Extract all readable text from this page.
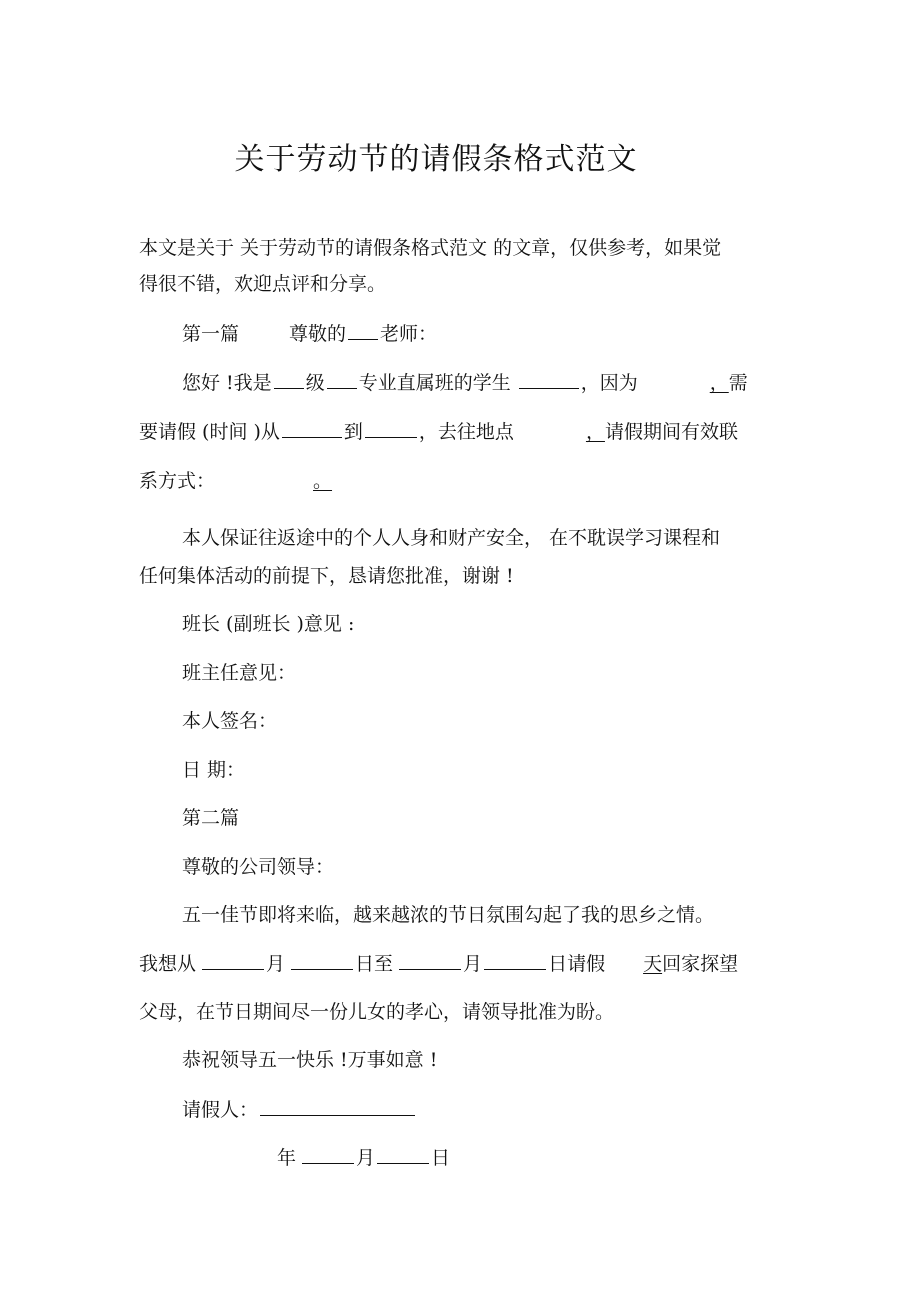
关于劳动节的请假条格式范文
本文是关于 关于劳动节的请假条格式范文 的文章，仅供参考，如果觉
得很不错，欢迎点评和分享。
第一篇	尊敬的 老师：
您好 !我是 级 专业直属班的学生	，因为	，需
要请假 (时间 )从	到	，去往地点	，请假期间有效联
系方式：	。
本人保证往返途中的个人人身和财产安全， 在不耽误学习课程和
任何集体活动的前提下，恳请您批准，谢谢 !
班长 (副班长 )意见 :
班主任意见：
本人签名：
日 期：
第二篇
尊敬的公司领导：
五一佳节即将来临，越来越浓的节日氛围勾起了我的思乡之情。
我想从	月	日至	月	日请假 天回家探望
父母，在节日期间尽一份儿女的孝心，请领导批准为盼。
恭祝领导五一快乐 !万事如意 !
请假人：
年	月	日
